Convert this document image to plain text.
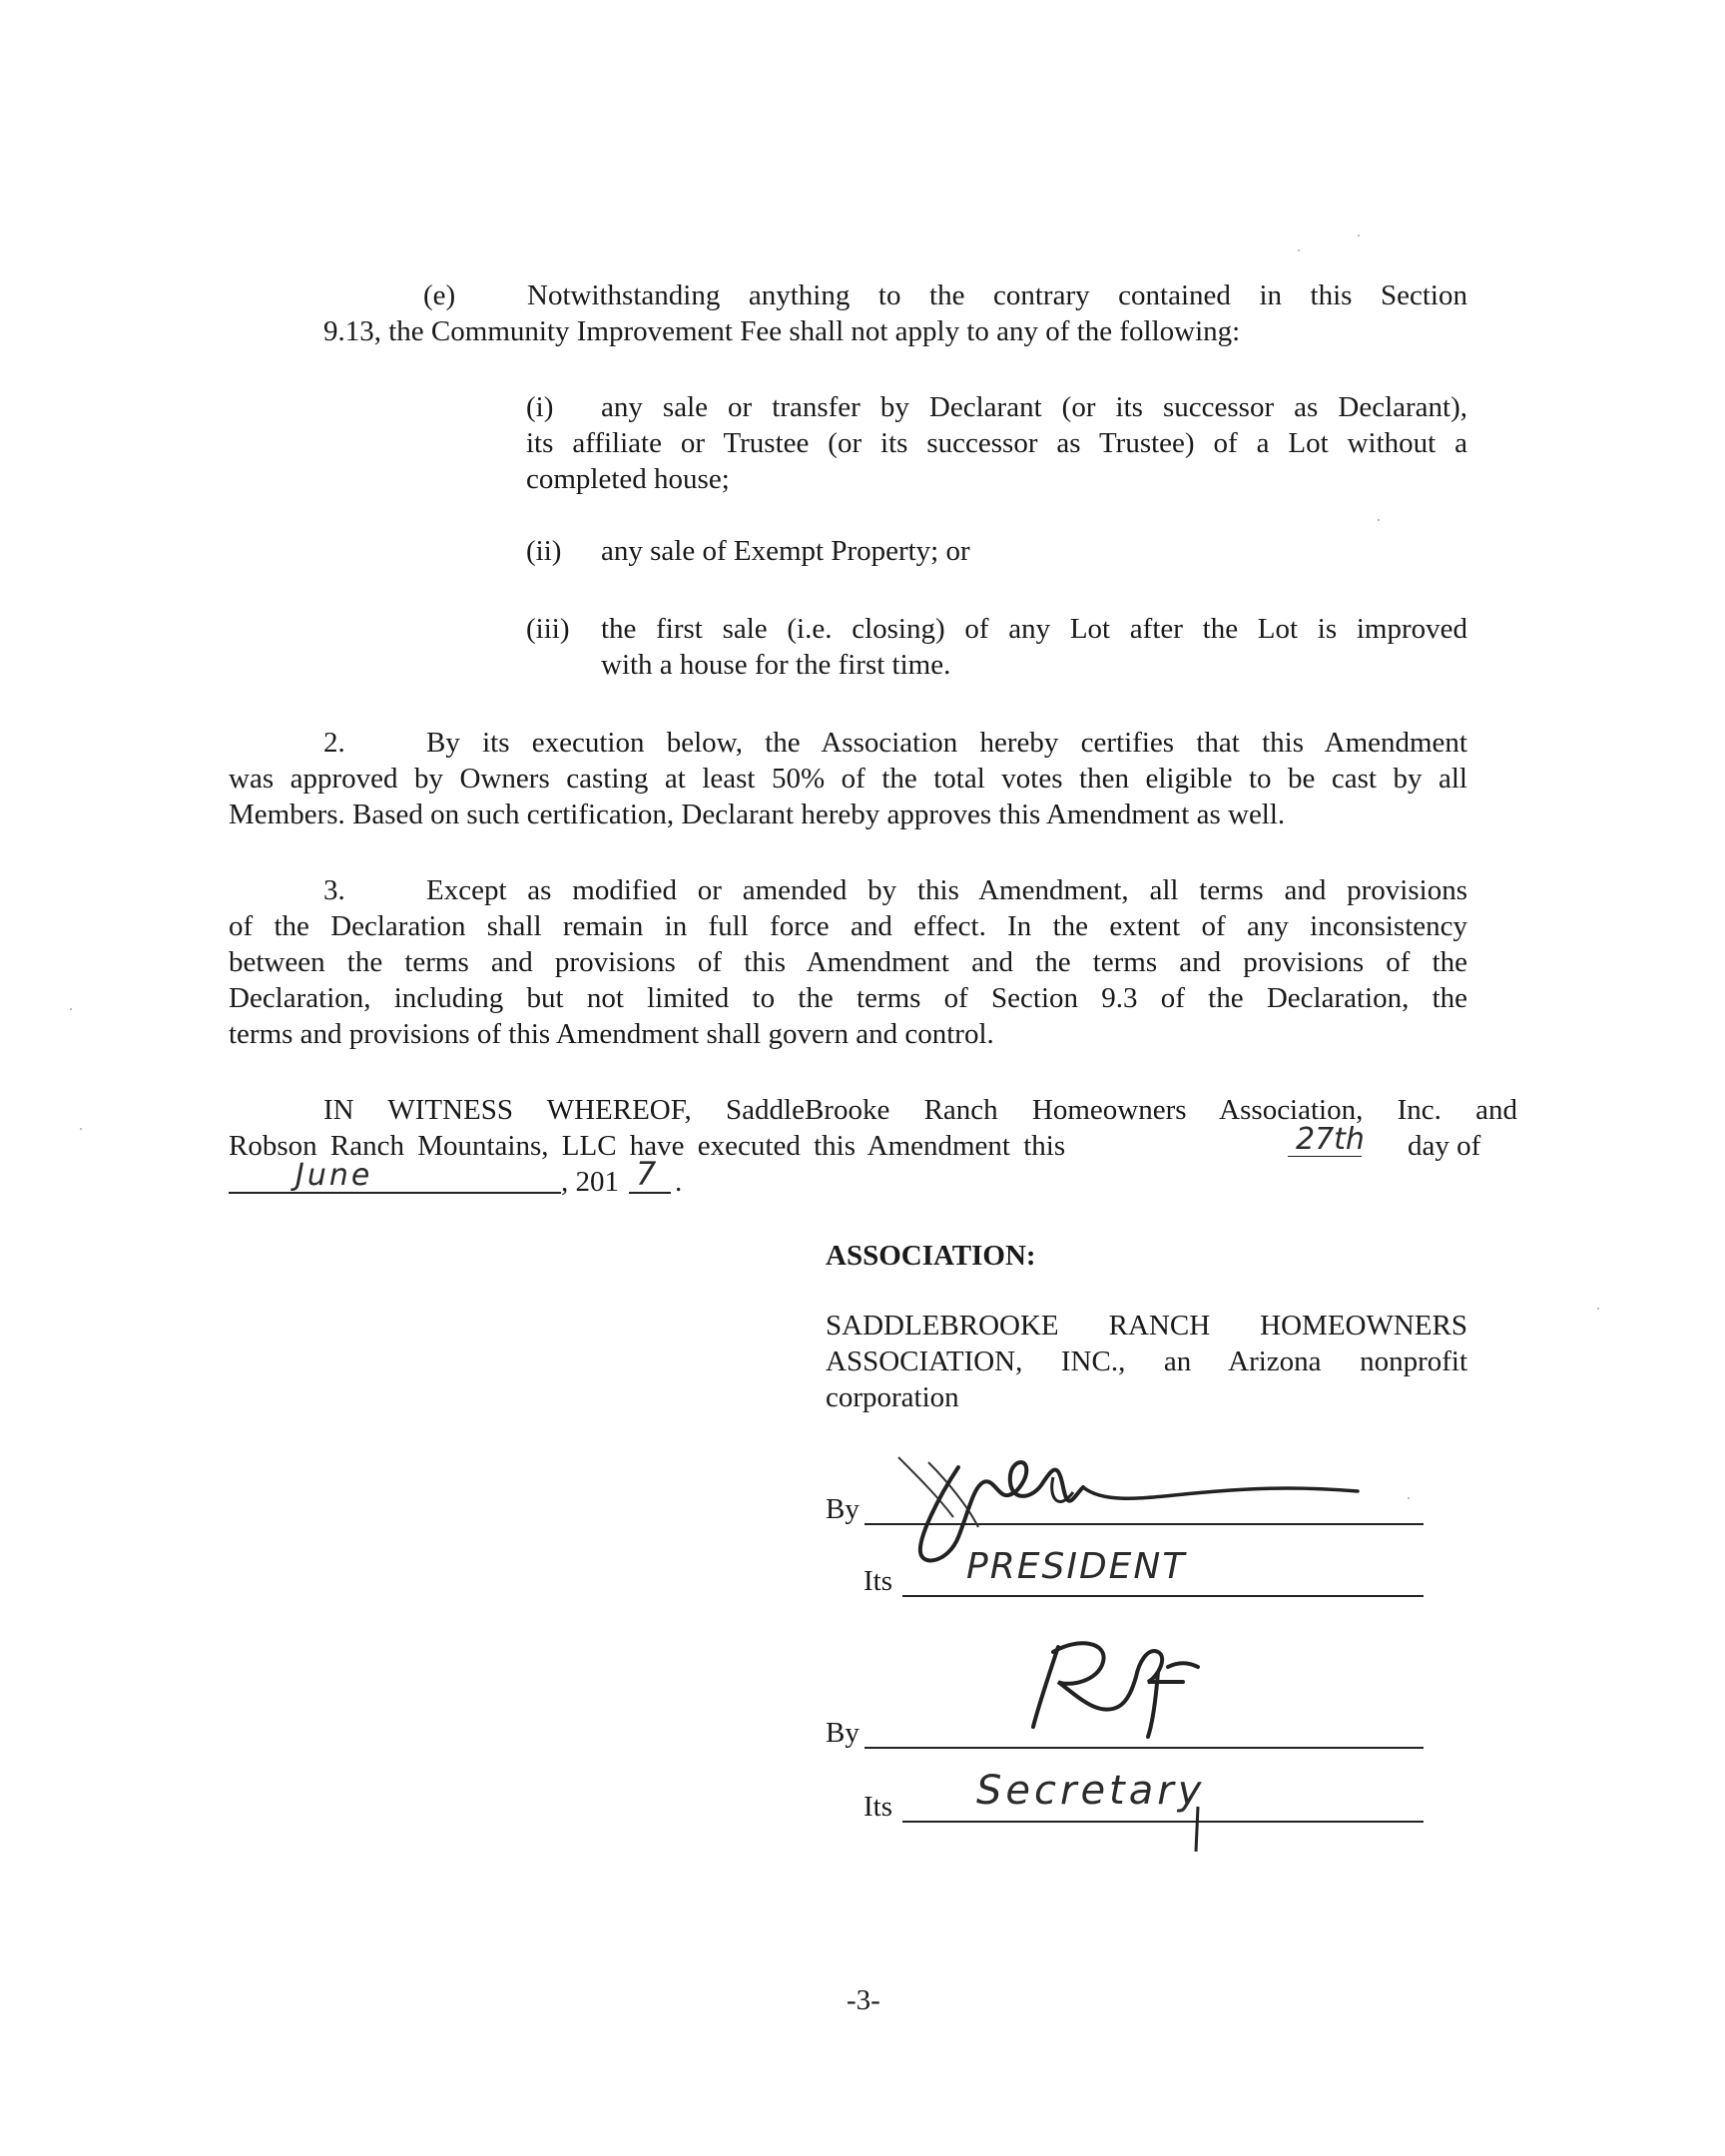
(e) Notwithstanding anything to the contrary contained in this Section
9.13, the Community Improvement Fee shall not apply to any of the following:
(i) any sale or transfer by Declarant (or its successor as Declarant),
its affiliate or Trustee (or its successor as Trustee) of a Lot without a
completed house;
(ii) any sale of Exempt Property; or
(iii) the first sale (i.e. closing) of any Lot after the Lot is improved
with a house for the first time.
2.	By its execution below, the Association hereby certifies that this Amendment
was approved by Owners casting at least 50% of the total votes then eligible to be cast by all
Members. Based on such certification, Declarant hereby approves this Amendment as well.
3.	Except as modified or amended by this Amendment, all terms and provisions
of the Declaration shall remain in full force and effect. In the extent of any inconsistency
between the terms and provisions of this Amendment and the terms and provisions of the
Declaration, including but not limited to the terms of Section 9.3 of the Declaration, the
terms and provisions of this Amendment shall govern and control.
IN WITNESS WHEREOF, SaddleBrooke Ranch Homeowners Association, Inc. and
Robson Ranch Mountains, LLC have executed this Amendment this	27th day of
June	, 201 7 .
ASSOCIATION:
SADDLEBROOKE RANCH HOMEOWNERS
ASSOCIATION, INC., an Arizona nonprofit
corporation
By
Its PRESIDENT
By
Its Secretary
-3-
